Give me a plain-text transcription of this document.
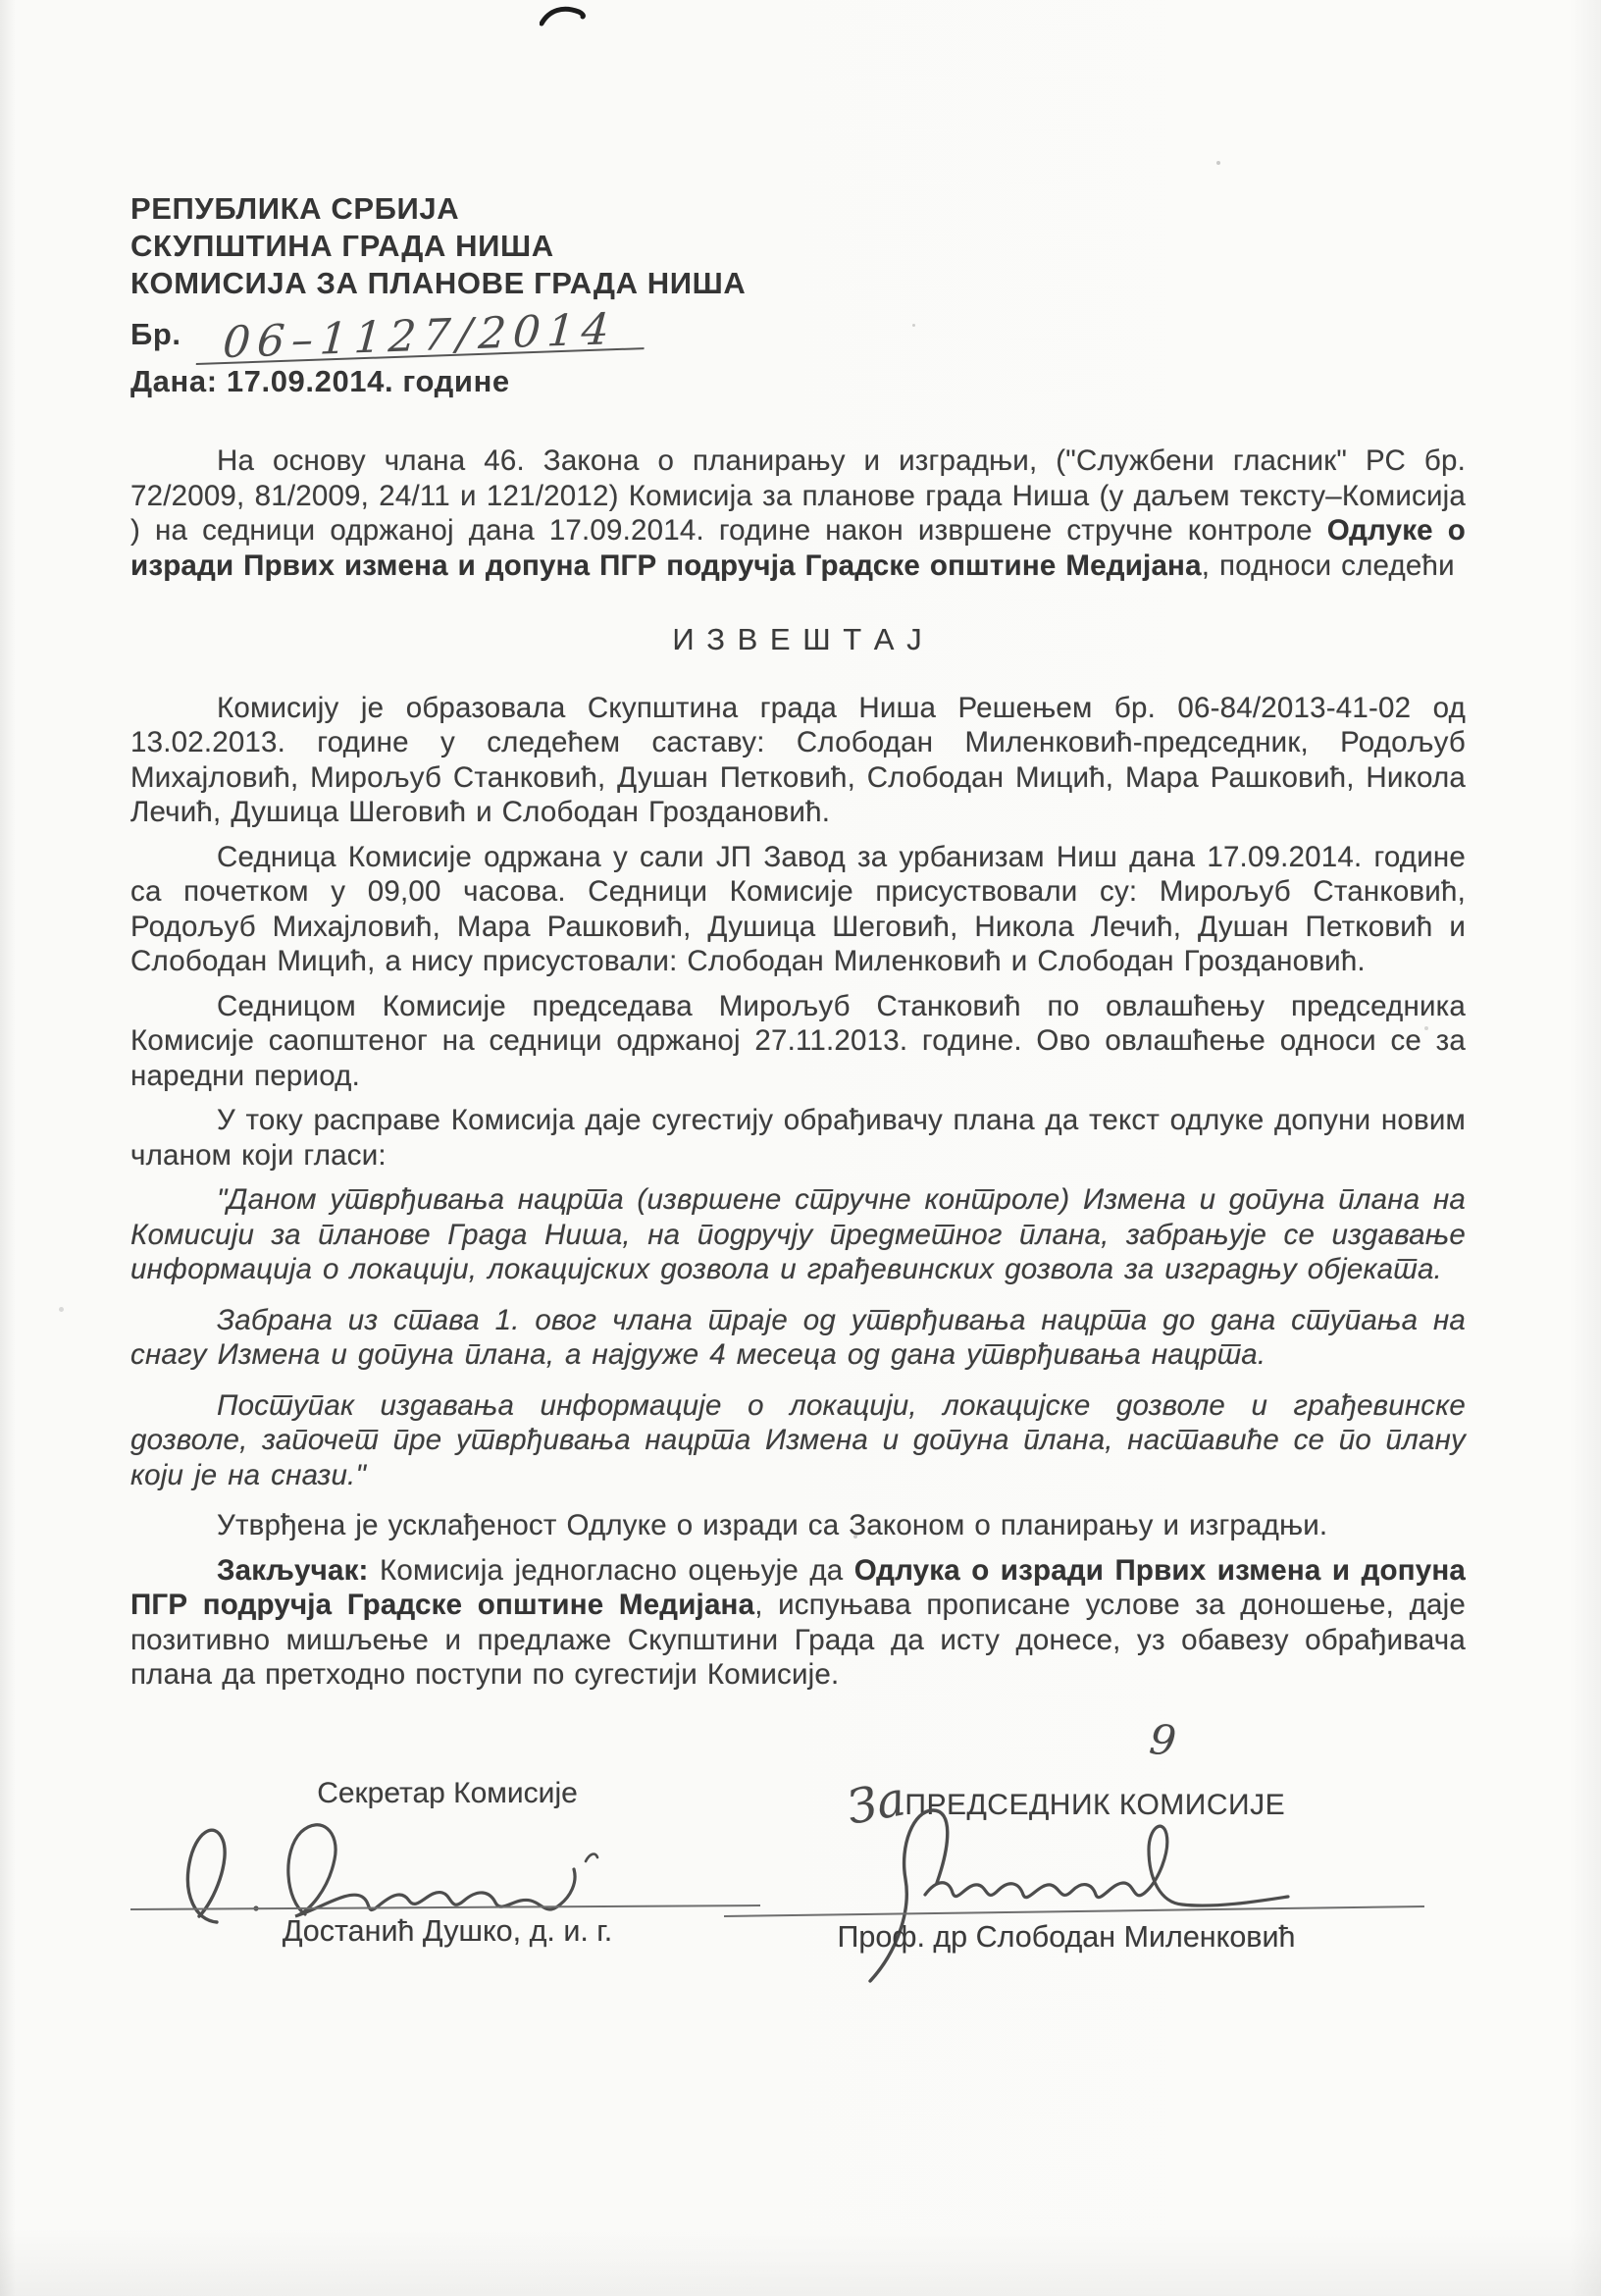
РЕПУБЛИКА СРБИЈА
СКУПШТИНА ГРАДА НИША
КОМИСИЈА ЗА ПЛАНОВЕ ГРАДА НИША
Бр. 06–1127/2014
Дана: 17.09.2014. године

На основу члана 46. Закона о планирању и изградњи, ("Службени гласник" РС бр. 72/2009, 81/2009, 24/11 и 121/2012) Комисија за планове града Ниша (у даљем тексту–Комисија ) на седници одржаној дана 17.09.2014. године након извршене стручне контроле Одлуке о изради Првих измена и допуна ПГР подручја Градске општине Медијана, подноси следећи

И З В Е Ш Т А Ј

Комисију је образовала Скупштина града Ниша Решењем бр. 06-84/2013-41-02 од 13.02.2013. године у следећем саставу: Слободан Миленковић-председник, Родољуб Михајловић, Мирољуб Станковић, Душан Петковић, Слободан Мицић, Мара Рашковић, Никола Лечић, Душица Шеговић и Слободан Гроздановић.

Седница Комисије одржана у сали ЈП Завод за урбанизам Ниш дана 17.09.2014. године са почетком у 09,00 часова. Седници Комисије присуствовали су: Мирољуб Станковић, Родољуб Михајловић, Мара Рашковић, Душица Шеговић, Никола Лечић, Душан Петковић и Слободан Мицић, а нису присустовали: Слободан Миленковић и Слободан Гроздановић.

Седницом Комисије председава Мирољуб Станковић по овлашћењу председника Комисије саопштеног на седници одржаној 27.11.2013. године. Ово овлашћење односи се за наредни период.

У току расправе Комисија даје сугестију обрађивачу плана да текст одлуке допуни новим чланом који гласи:

"Даном утврђивања нацрта (извршене стручне контроле) Измена и допуна плана на Комисији за планове Града Ниша, на подручју предметног плана, забрањује се издавање информација о локацији, локацијских дозвола и грађевинских дозвола за изградњу објеката.

Забрана из става 1. овог члана траје од утврђивања нацрта до дана ступања на снагу Измена и допуна плана, а најдуже 4 месеца од дана утврђивања нацрта.

Поступак издавања информације о локацији, локацијске дозволе и грађевинске дозволе, започет пре утврђивања нацрта Измена и допуна плана, наставиће се по плану који је на снази."

Утврђена је усклађеност Одлуке о изради са Законом о планирању и изградњи.

Закључак: Комисија једногласно оцењује да Одлука о изради Првих измена и допуна ПГР подручја Градске општине Медијана, испуњава прописане услове за доношење, даје позитивно мишљење и предлаже Скупштини Града да исту донесе, уз обавезу обрађивача плана да претходно поступи по сугестији Комисије.

Секретар Комисије
Достанић Душко, д. и. г.
ЗаПРЕДСЕДНИК КОМИСИЈЕ
9
Проф. др Слободан Миленковић
